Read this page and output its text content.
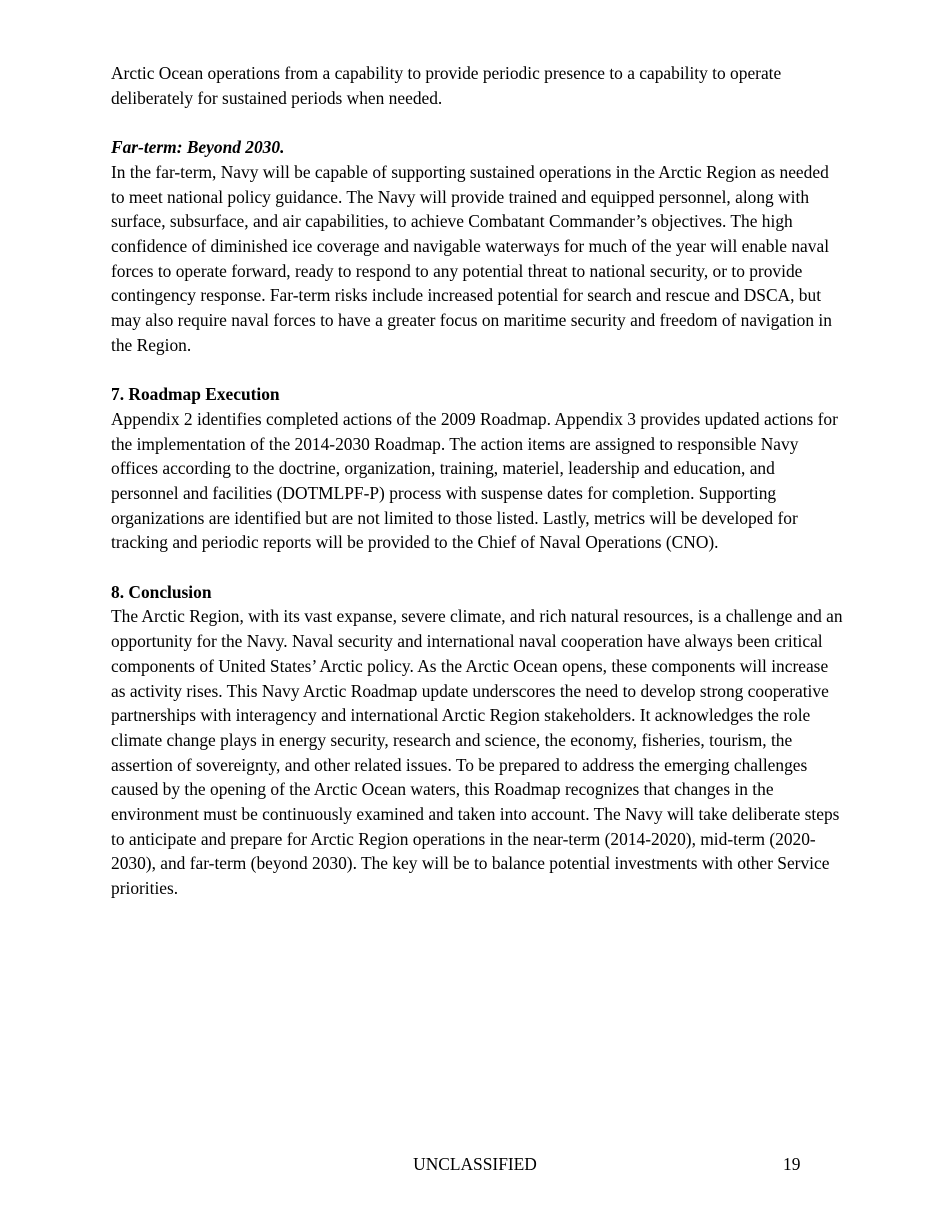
Arctic Ocean operations from a capability to provide periodic presence to a capability to operate deliberately for sustained periods when needed.

Far-term: Beyond 2030.

In the far-term, Navy will be capable of supporting sustained operations in the Arctic Region as needed to meet national policy guidance. The Navy will provide trained and equipped personnel, along with surface, subsurface, and air capabilities, to achieve Combatant Commander’s objectives. The high confidence of diminished ice coverage and navigable waterways for much of the year will enable naval forces to operate forward, ready to respond to any potential threat to national security, or to provide contingency response. Far-term risks include increased potential for search and rescue and DSCA, but may also require naval forces to have a greater focus on maritime security and freedom of navigation in the Region.

7. Roadmap Execution

Appendix 2 identifies completed actions of the 2009 Roadmap. Appendix 3 provides updated actions for the implementation of the 2014-2030 Roadmap. The action items are assigned to responsible Navy offices according to the doctrine, organization, training, materiel, leadership and education, and personnel and facilities (DOTMLPF-P) process with suspense dates for completion. Supporting organizations are identified but are not limited to those listed. Lastly, metrics will be developed for tracking and periodic reports will be provided to the Chief of Naval Operations (CNO).

8. Conclusion

The Arctic Region, with its vast expanse, severe climate, and rich natural resources, is a challenge and an opportunity for the Navy. Naval security and international naval cooperation have always been critical components of United States’ Arctic policy. As the Arctic Ocean opens, these components will increase as activity rises. This Navy Arctic Roadmap update underscores the need to develop strong cooperative partnerships with interagency and international Arctic Region stakeholders. It acknowledges the role climate change plays in energy security, research and science, the economy, fisheries, tourism, the assertion of sovereignty, and other related issues. To be prepared to address the emerging challenges caused by the opening of the Arctic Ocean waters, this Roadmap recognizes that changes in the environment must be continuously examined and taken into account. The Navy will take deliberate steps to anticipate and prepare for Arctic Region operations in the near-term (2014-2020), mid-term (2020-2030), and far-term (beyond 2030). The key will be to balance potential investments with other Service priorities.

UNCLASSIFIED	19
